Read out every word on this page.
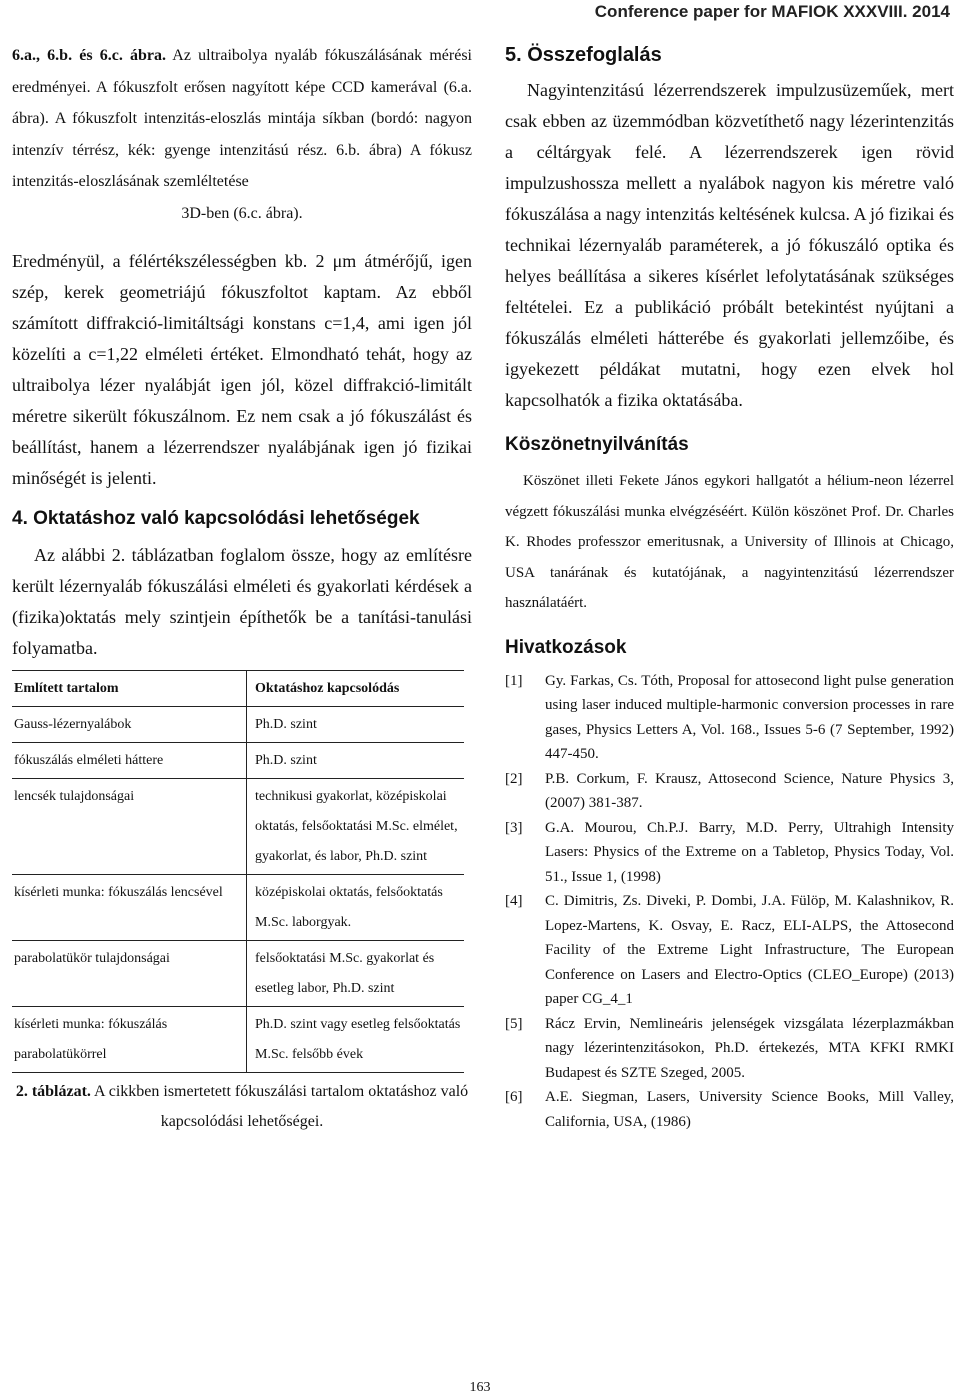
Conference paper for MAFIOK XXXVIII. 2014
6.a., 6.b. és 6.c. ábra. Az ultraibolya nyaláb fókuszálásának mérési eredményei. A fókuszfolt erősen nagyított képe CCD kamerával (6.a. ábra). A fókuszfolt intenzitás-eloszlás mintája síkban (bordó: nagyon intenzív térrész, kék: gyenge intenzitású rész. 6.b. ábra) A fókusz intenzitás-eloszlásának szemléltetése
3D-ben (6.c. ábra).

Eredményül, a félértékszélességben kb. 2 μm átmérőjű, igen szép, kerek geometriájú fókuszfoltot kaptam. Az ebből számított diffrakció-limitáltsági konstans c=1,4, ami igen jól közelíti a c=1,22 elméleti értéket. Elmondható tehát, hogy az ultraibolya lézer nyalábját igen jól, közel diffrakció-limitált méretre sikerült fókuszálnom. Ez nem csak a jó fókuszálást és beállítást, hanem a lézerrendszer nyalábjának igen jó fizikai minőségét is jelenti.

4. Oktatáshoz való kapcsolódási lehetőségek

Az alábbi 2. táblázatban foglalom össze, hogy az említésre került lézernyaláb fókuszálási elméleti és gyakorlati kérdések a (fizika)oktatás mely szintjein építhetők be a tanítási-tanulási folyamatba.

Említett tartalom	Oktatáshoz kapcsolódás
Gauss-lézernyalábok	Ph.D. szint
fókuszálás elméleti háttere	Ph.D. szint
lencsék tulajdonságai	technikusi gyakorlat, középiskolai oktatás, felsőoktatási M.Sc. elmélet, gyakorlat, és labor, Ph.D. szint
kísérleti munka: fókuszálás lencsével	középiskolai oktatás, felsőoktatás M.Sc. laborgyak.
parabolatükör tulajdonságai	felsőoktatási M.Sc. gyakorlat és esetleg labor, Ph.D. szint
kísérleti munka: fókuszálás parabolatükörrel	Ph.D. szint vagy esetleg felsőoktatás M.Sc. felsőbb évek
2. táblázat. A cikkben ismertetett fókuszálási tartalom oktatáshoz való kapcsolódási lehetőségei.
5. Összefoglalás

Nagyintenzitású lézerrendszerek impulzusüzeműek, mert csak ebben az üzemmódban közvetíthető nagy lézerintenzitás a céltárgyak felé. A lézerrendszerek igen rövid impulzushossza mellett a nyalábok nagyon kis méretre való fókuszálása a nagy intenzitás keltésének kulcsa. A jó fizikai és technikai lézernyaláb paraméterek, a jó fókuszáló optika és helyes beállítása a sikeres kísérlet lefolytatásának szükséges feltételei. Ez a publikáció próbált betekintést nyújtani a fókuszálás elméleti hátterébe és gyakorlati jellemzőibe, és igyekezett példákat mutatni, hogy ezen elvek hol kapcsolhatók a fizika oktatásába.

Köszönetnyilvánítás
Köszönet illeti Fekete János egykori hallgatót a hélium-neon lézerrel végzett fókuszálási munka elvégzéséért. Külön köszönet Prof. Dr. Charles K. Rhodes professzor emeritusnak, a University of Illinois at Chicago, USA tanárának és kutatójának, a nagyintenzitású lézerrendszer használatáért.
Hivatkozások
[1]	Gy. Farkas, Cs. Tóth, Proposal for attosecond light pulse generation using laser induced multiple-harmonic conversion processes in rare gases, Physics Letters A, Vol. 168., Issues 5-6 (7 September, 1992) 447-450.
[2]	P.B. Corkum, F. Krausz, Attosecond Science, Nature Physics 3, (2007) 381-387.
[3]	G.A. Mourou, Ch.P.J. Barry, M.D. Perry, Ultrahigh Intensity Lasers: Physics of the Extreme on a Tabletop, Physics Today, Vol. 51., Issue 1, (1998)
[4]	C. Dimitris, Zs. Diveki, P. Dombi, J.A. Fülöp, M. Kalashnikov, R. Lopez-Martens, K. Osvay, E. Racz, ELI-ALPS, the Attosecond Facility of the Extreme Light Infrastructure, The European Conference on Lasers and Electro-Optics (CLEO_Europe) (2013) paper CG_4_1
[5]	Rácz Ervin, Nemlineáris jelenségek vizsgálata lézerplazmákban nagy lézerintenzitásokon, Ph.D. értekezés, MTA KFKI RMKI Budapest és SZTE Szeged, 2005.
[6]	A.E. Siegman, Lasers, University Science Books, Mill Valley, California, USA, (1986)
163
